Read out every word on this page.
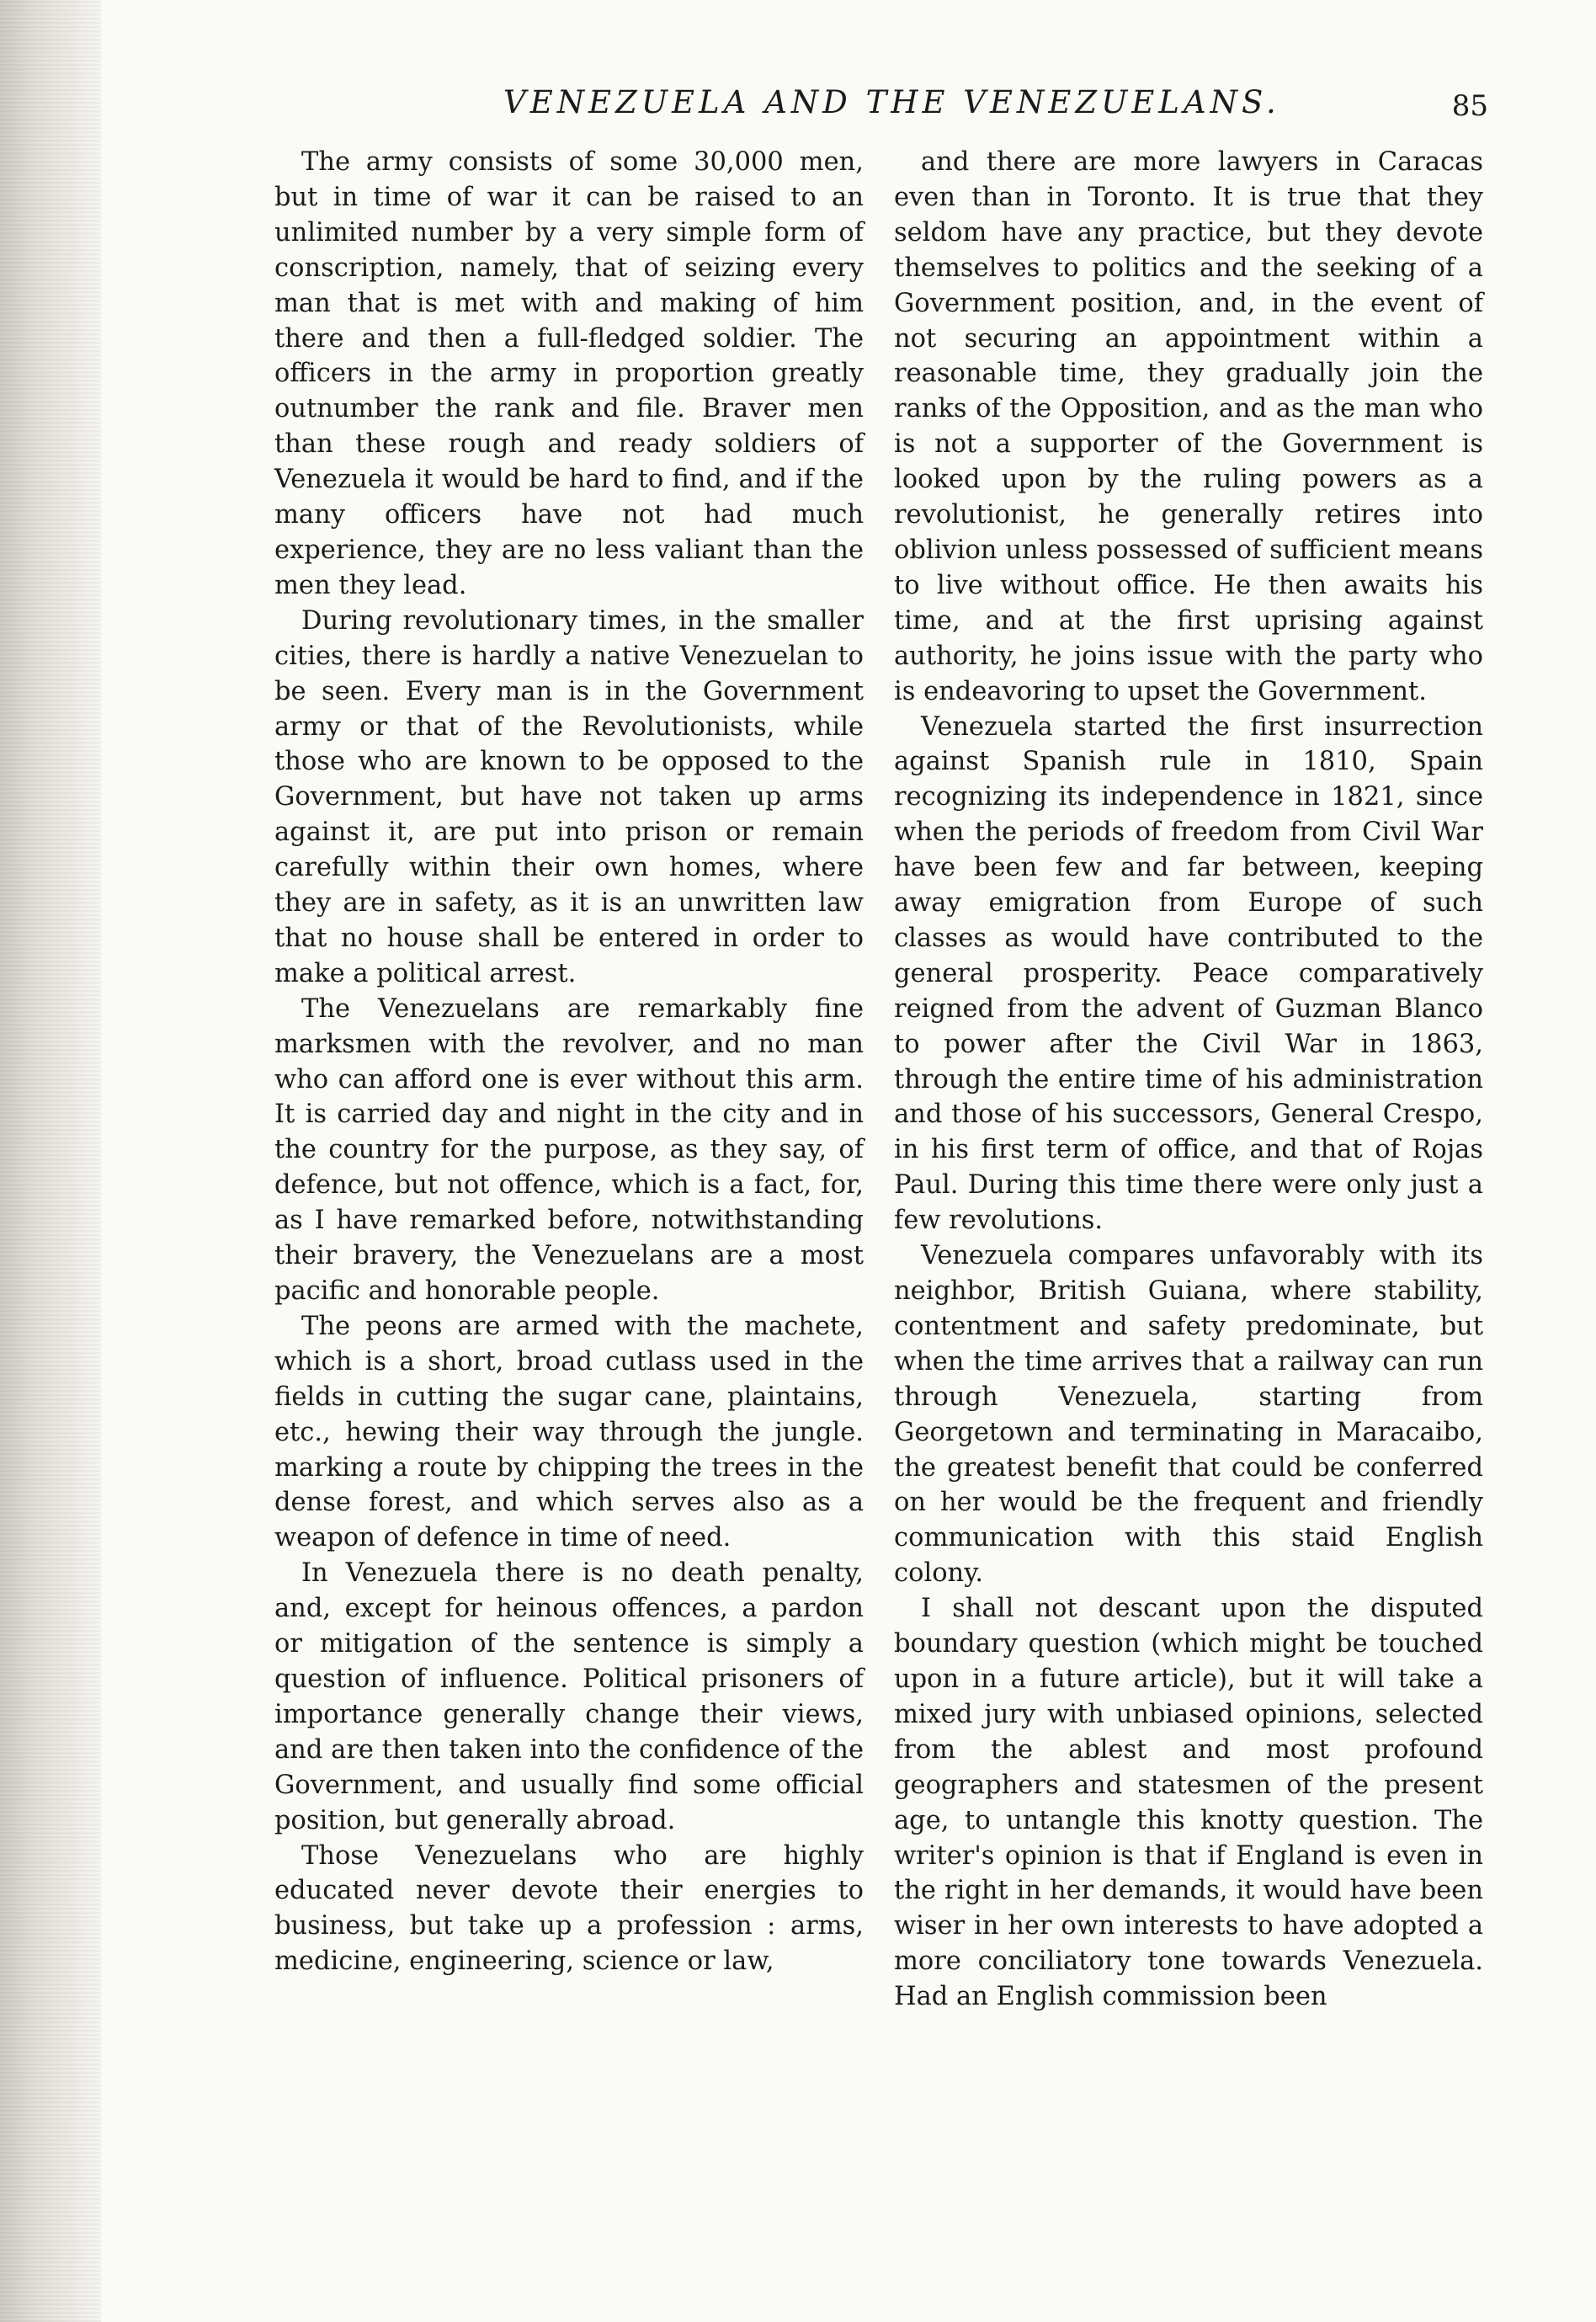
VENEZUELA AND THE VENEZUELANS.	85

The army consists of some 30,000 men, but in time of war it can be raised to an unlimited number by a very simple form of conscription, namely, that of seizing every man that is met with and making of him there and then a full-fledged soldier. The officers in the army in proportion greatly outnumber the rank and file. Braver men than these rough and ready soldiers of Venezuela it would be hard to find, and if the many officers have not had much experience, they are no less valiant than the men they lead.

During revolutionary times, in the smaller cities, there is hardly a native Venezuelan to be seen. Every man is in the Government army or that of the Revolutionists, while those who are known to be opposed to the Government, but have not taken up arms against it, are put into prison or remain carefully within their own homes, where they are in safety, as it is an unwritten law that no house shall be entered in order to make a political arrest.

The Venezuelans are remarkably fine marksmen with the revolver, and no man who can afford one is ever without this arm. It is carried day and night in the city and in the country for the purpose, as they say, of defence, but not offence, which is a fact, for, as I have remarked before, notwithstanding their bravery, the Venezuelans are a most pacific and honorable people.

The peons are armed with the machete, which is a short, broad cutlass used in the fields in cutting the sugar cane, plaintains, etc., hewing their way through the jungle. marking a route by chipping the trees in the dense forest, and which serves also as a weapon of defence in time of need.

In Venezuela there is no death penalty, and, except for heinous offences, a pardon or mitigation of the sentence is simply a question of influence. Political prisoners of importance generally change their views, and are then taken into the confidence of the Government, and usually find some official position, but generally abroad.

Those Venezuelans who are highly educated never devote their energies to business, but take up a profession : arms, medicine, engineering, science or law,

and there are more lawyers in Caracas even than in Toronto. It is true that they seldom have any practice, but they devote themselves to politics and the seeking of a Government position, and, in the event of not securing an appointment within a reasonable time, they gradually join the ranks of the Opposition, and as the man who is not a supporter of the Government is looked upon by the ruling powers as a revolutionist, he generally retires into oblivion unless possessed of sufficient means to live without office. He then awaits his time, and at the first uprising against authority, he joins issue with the party who is endeavoring to upset the Government.

Venezuela started the first insurrection against Spanish rule in 1810, Spain recognizing its independence in 1821, since when the periods of freedom from Civil War have been few and far between, keeping away emigration from Europe of such classes as would have contributed to the general prosperity. Peace comparatively reigned from the advent of Guzman Blanco to power after the Civil War in 1863, through the entire time of his administration and those of his successors, General Crespo, in his first term of office, and that of Rojas Paul. During this time there were only just a few revolutions.

Venezuela compares unfavorably with its neighbor, British Guiana, where stability, contentment and safety predominate, but when the time arrives that a railway can run through Venezuela, starting from Georgetown and terminating in Maracaibo, the greatest benefit that could be conferred on her would be the frequent and friendly communication with this staid English colony.

I shall not descant upon the disputed boundary question (which might be touched upon in a future article), but it will take a mixed jury with unbiased opinions, selected from the ablest and most profound geographers and statesmen of the present age, to untangle this knotty question. The writer's opinion is that if England is even in the right in her demands, it would have been wiser in her own interests to have adopted a more conciliatory tone towards Venezuela. Had an English commission been
